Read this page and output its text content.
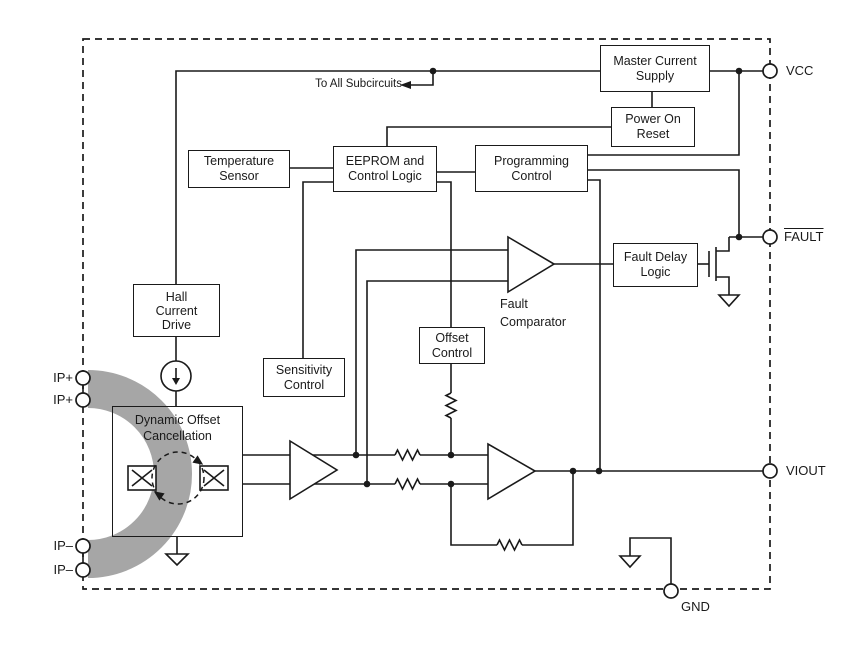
Master Current
Supply
Power On
Reset
Temperature
Sensor
EEPROM and
Control Logic
Programming
Control
Fault Delay
Logic
Hall
Current
Drive
Sensitivity
Control
Offset
Control
Dynamic Offset
Cancellation
To All Subcircuits
Fault
Comparator
VCC
FAULT
VIOUT
GND
IP+
IP+
IP–
IP–
